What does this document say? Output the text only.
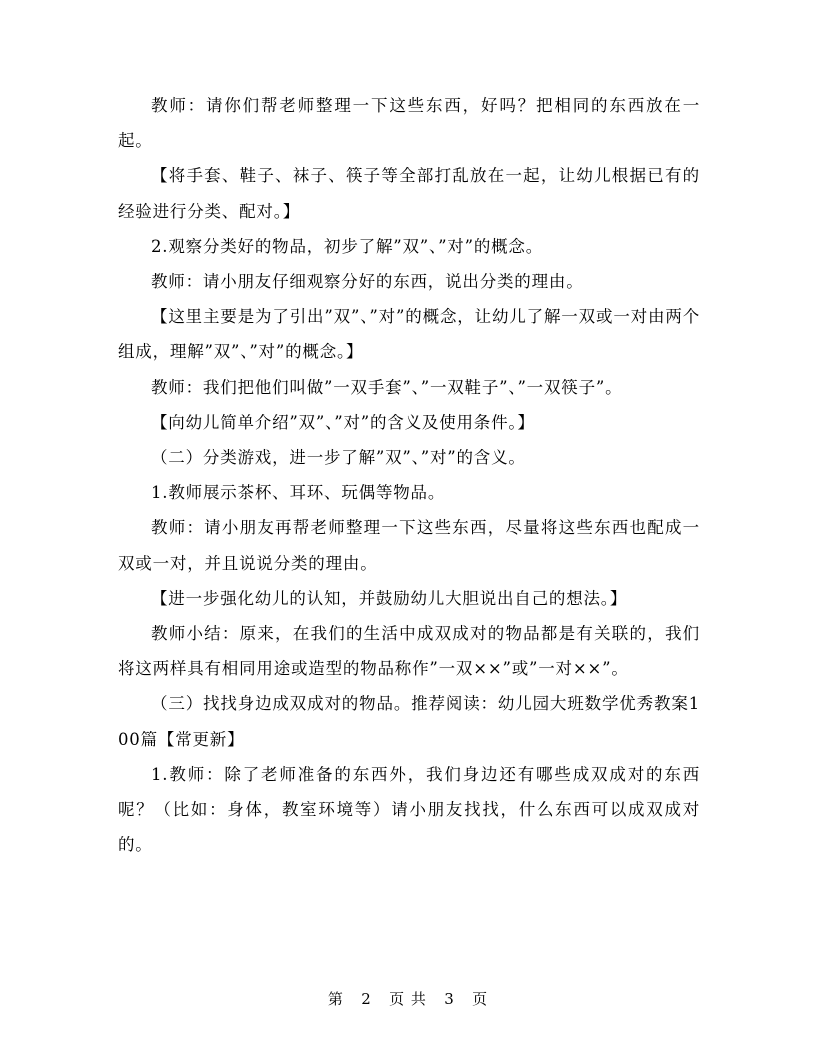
教师：请你们帮老师整理一下这些东西，好吗？把相同的东西放在一起。

【将手套、鞋子、袜子、筷子等全部打乱放在一起，让幼儿根据已有的经验进行分类、配对。】

2.观察分类好的物品，初步了解”双”、”对”的概念。

教师：请小朋友仔细观察分好的东西，说出分类的理由。

【这里主要是为了引出”双”、”对”的概念，让幼儿了解一双或一对由两个组成，理解”双”、”对”的概念。】

教师：我们把他们叫做”一双手套”、”一双鞋子”、”一双筷子”。

【向幼儿简单介绍”双”、”对”的含义及使用条件。】

（二）分类游戏，进一步了解”双”、”对”的含义。

1.教师展示茶杯、耳环、玩偶等物品。

教师：请小朋友再帮老师整理一下这些东西，尽量将这些东西也配成一双或一对，并且说说分类的理由。

【进一步强化幼儿的认知，并鼓励幼儿大胆说出自己的想法。】

教师小结：原来，在我们的生活中成双成对的物品都是有关联的，我们将这两样具有相同用途或造型的物品称作”一双××”或”一对××”。

（三）找找身边成双成对的物品。推荐阅读：幼儿园大班数学优秀教案100篇【常更新】

1.教师：除了老师准备的东西外，我们身边还有哪些成双成对的东西呢？（比如：身体，教室环境等）请小朋友找找，什么东西可以成双成对的。

第 2 页 共 3 页
